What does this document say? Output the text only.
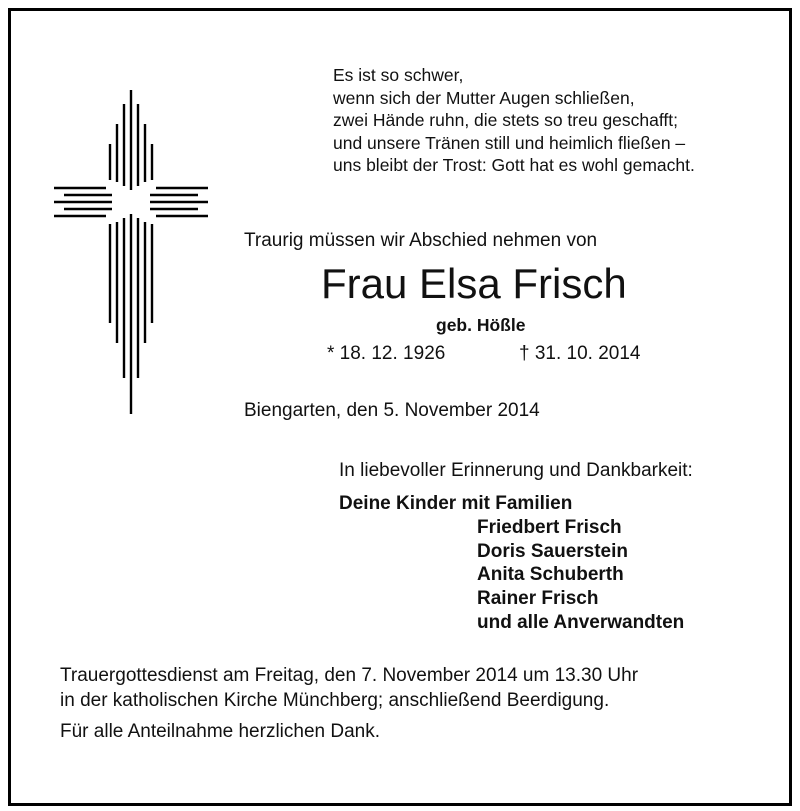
Es ist so schwer,
wenn sich der Mutter Augen schließen,
zwei Hände ruhn, die stets so treu geschafft;
und unsere Tränen still und heimlich fließen –
uns bleibt der Trost: Gott hat es wohl gemacht.
Traurig müssen wir Abschied nehmen von
Frau Elsa Frisch
geb. Hößle
* 18. 12. 1926	† 31. 10. 2014
Biengarten, den 5. November 2014
In liebevoller Erinnerung und Dankbarkeit:
Deine Kinder mit Familien
Friedbert Frisch
Doris Sauerstein
Anita Schuberth
Rainer Frisch
und alle Anverwandten
Trauergottesdienst am Freitag, den 7. November 2014 um 13.30 Uhr
in der katholischen Kirche Münchberg; anschließend Beerdigung.
Für alle Anteilnahme herzlichen Dank.
